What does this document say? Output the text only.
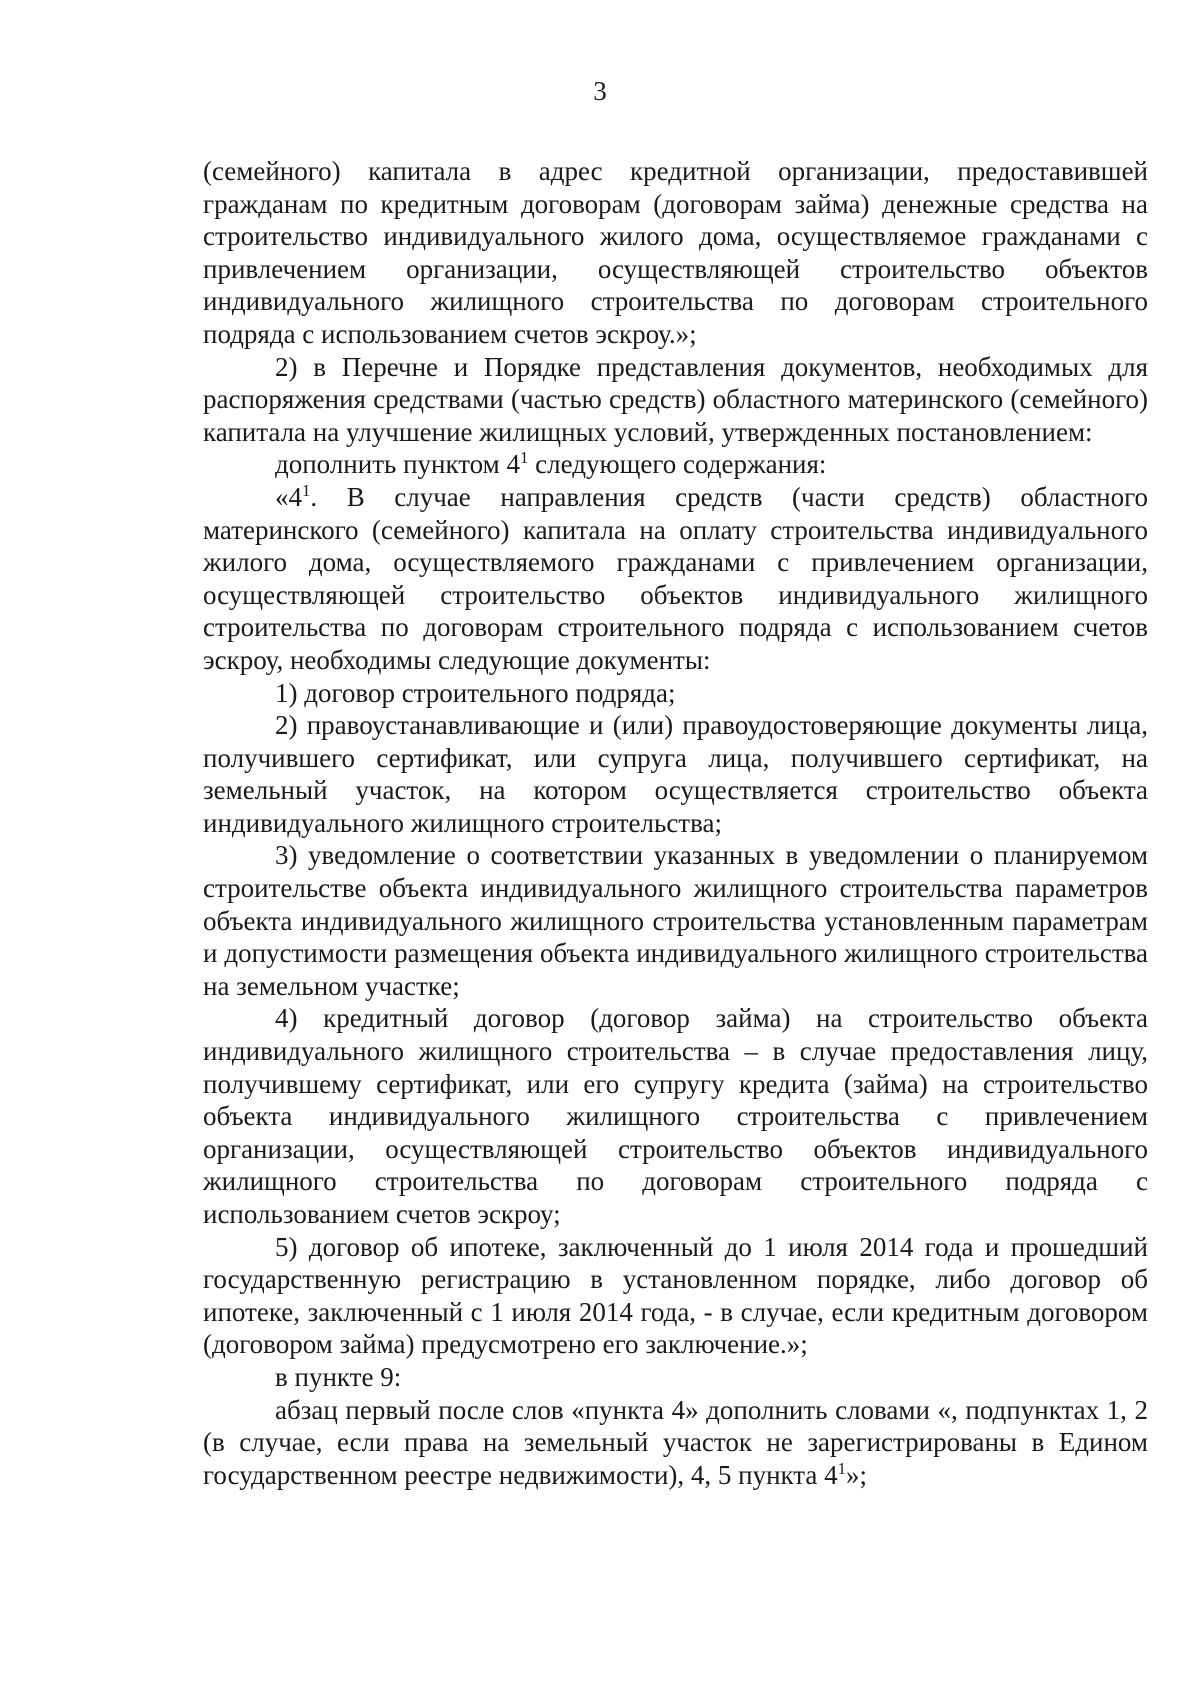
3

(семейного) капитала в адрес кредитной организации, предоставившей гражданам по кредитным договорам (договорам займа) денежные средства на строительство индивидуального жилого дома, осуществляемое гражданами с привлечением организации, осуществляющей строительство объектов индивидуального жилищного строительства по договорам строительного подряда с использованием счетов эскроу.»;

2) в Перечне и Порядке представления документов, необходимых для распоряжения средствами (частью средств) областного материнского (семейного) капитала на улучшение жилищных условий, утвержденных постановлением:

дополнить пунктом $4^1$ следующего содержания:

«$4^1$. В случае направления средств (части средств) областного материнского (семейного) капитала на оплату строительства индивидуального жилого дома, осуществляемого гражданами с привлечением организации, осуществляющей строительство объектов индивидуального жилищного строительства по договорам строительного подряда с использованием счетов эскроу, необходимы следующие документы:

1) договор строительного подряда;

2) правоустанавливающие и (или) правоудостоверяющие документы лица, получившего сертификат, или супруга лица, получившего сертификат, на земельный участок, на котором осуществляется строительство объекта индивидуального жилищного строительства;

3) уведомление о соответствии указанных в уведомлении о планируемом строительстве объекта индивидуального жилищного строительства параметров объекта индивидуального жилищного строительства установленным параметрам и допустимости размещения объекта индивидуального жилищного строительства на земельном участке;

4) кредитный договор (договор займа) на строительство объекта индивидуального жилищного строительства – в случае предоставления лицу, получившему сертификат, или его супругу кредита (займа) на строительство объекта индивидуального жилищного строительства с привлечением организации, осуществляющей строительство объектов индивидуального жилищного строительства по договорам строительного подряда с использованием счетов эскроу;

5) договор об ипотеке, заключенный до 1 июля 2014 года и прошедший государственную регистрацию в установленном порядке, либо договор об ипотеке, заключенный с 1 июля 2014 года, - в случае, если кредитным договором (договором займа) предусмотрено его заключение.»;

в пункте 9:

абзац первый после слов «пункта 4» дополнить словами «, подпунктах 1, 2 (в случае, если права на земельный участок не зарегистрированы в Едином государственном реестре недвижимости), 4, 5 пункта $4^1$»;
